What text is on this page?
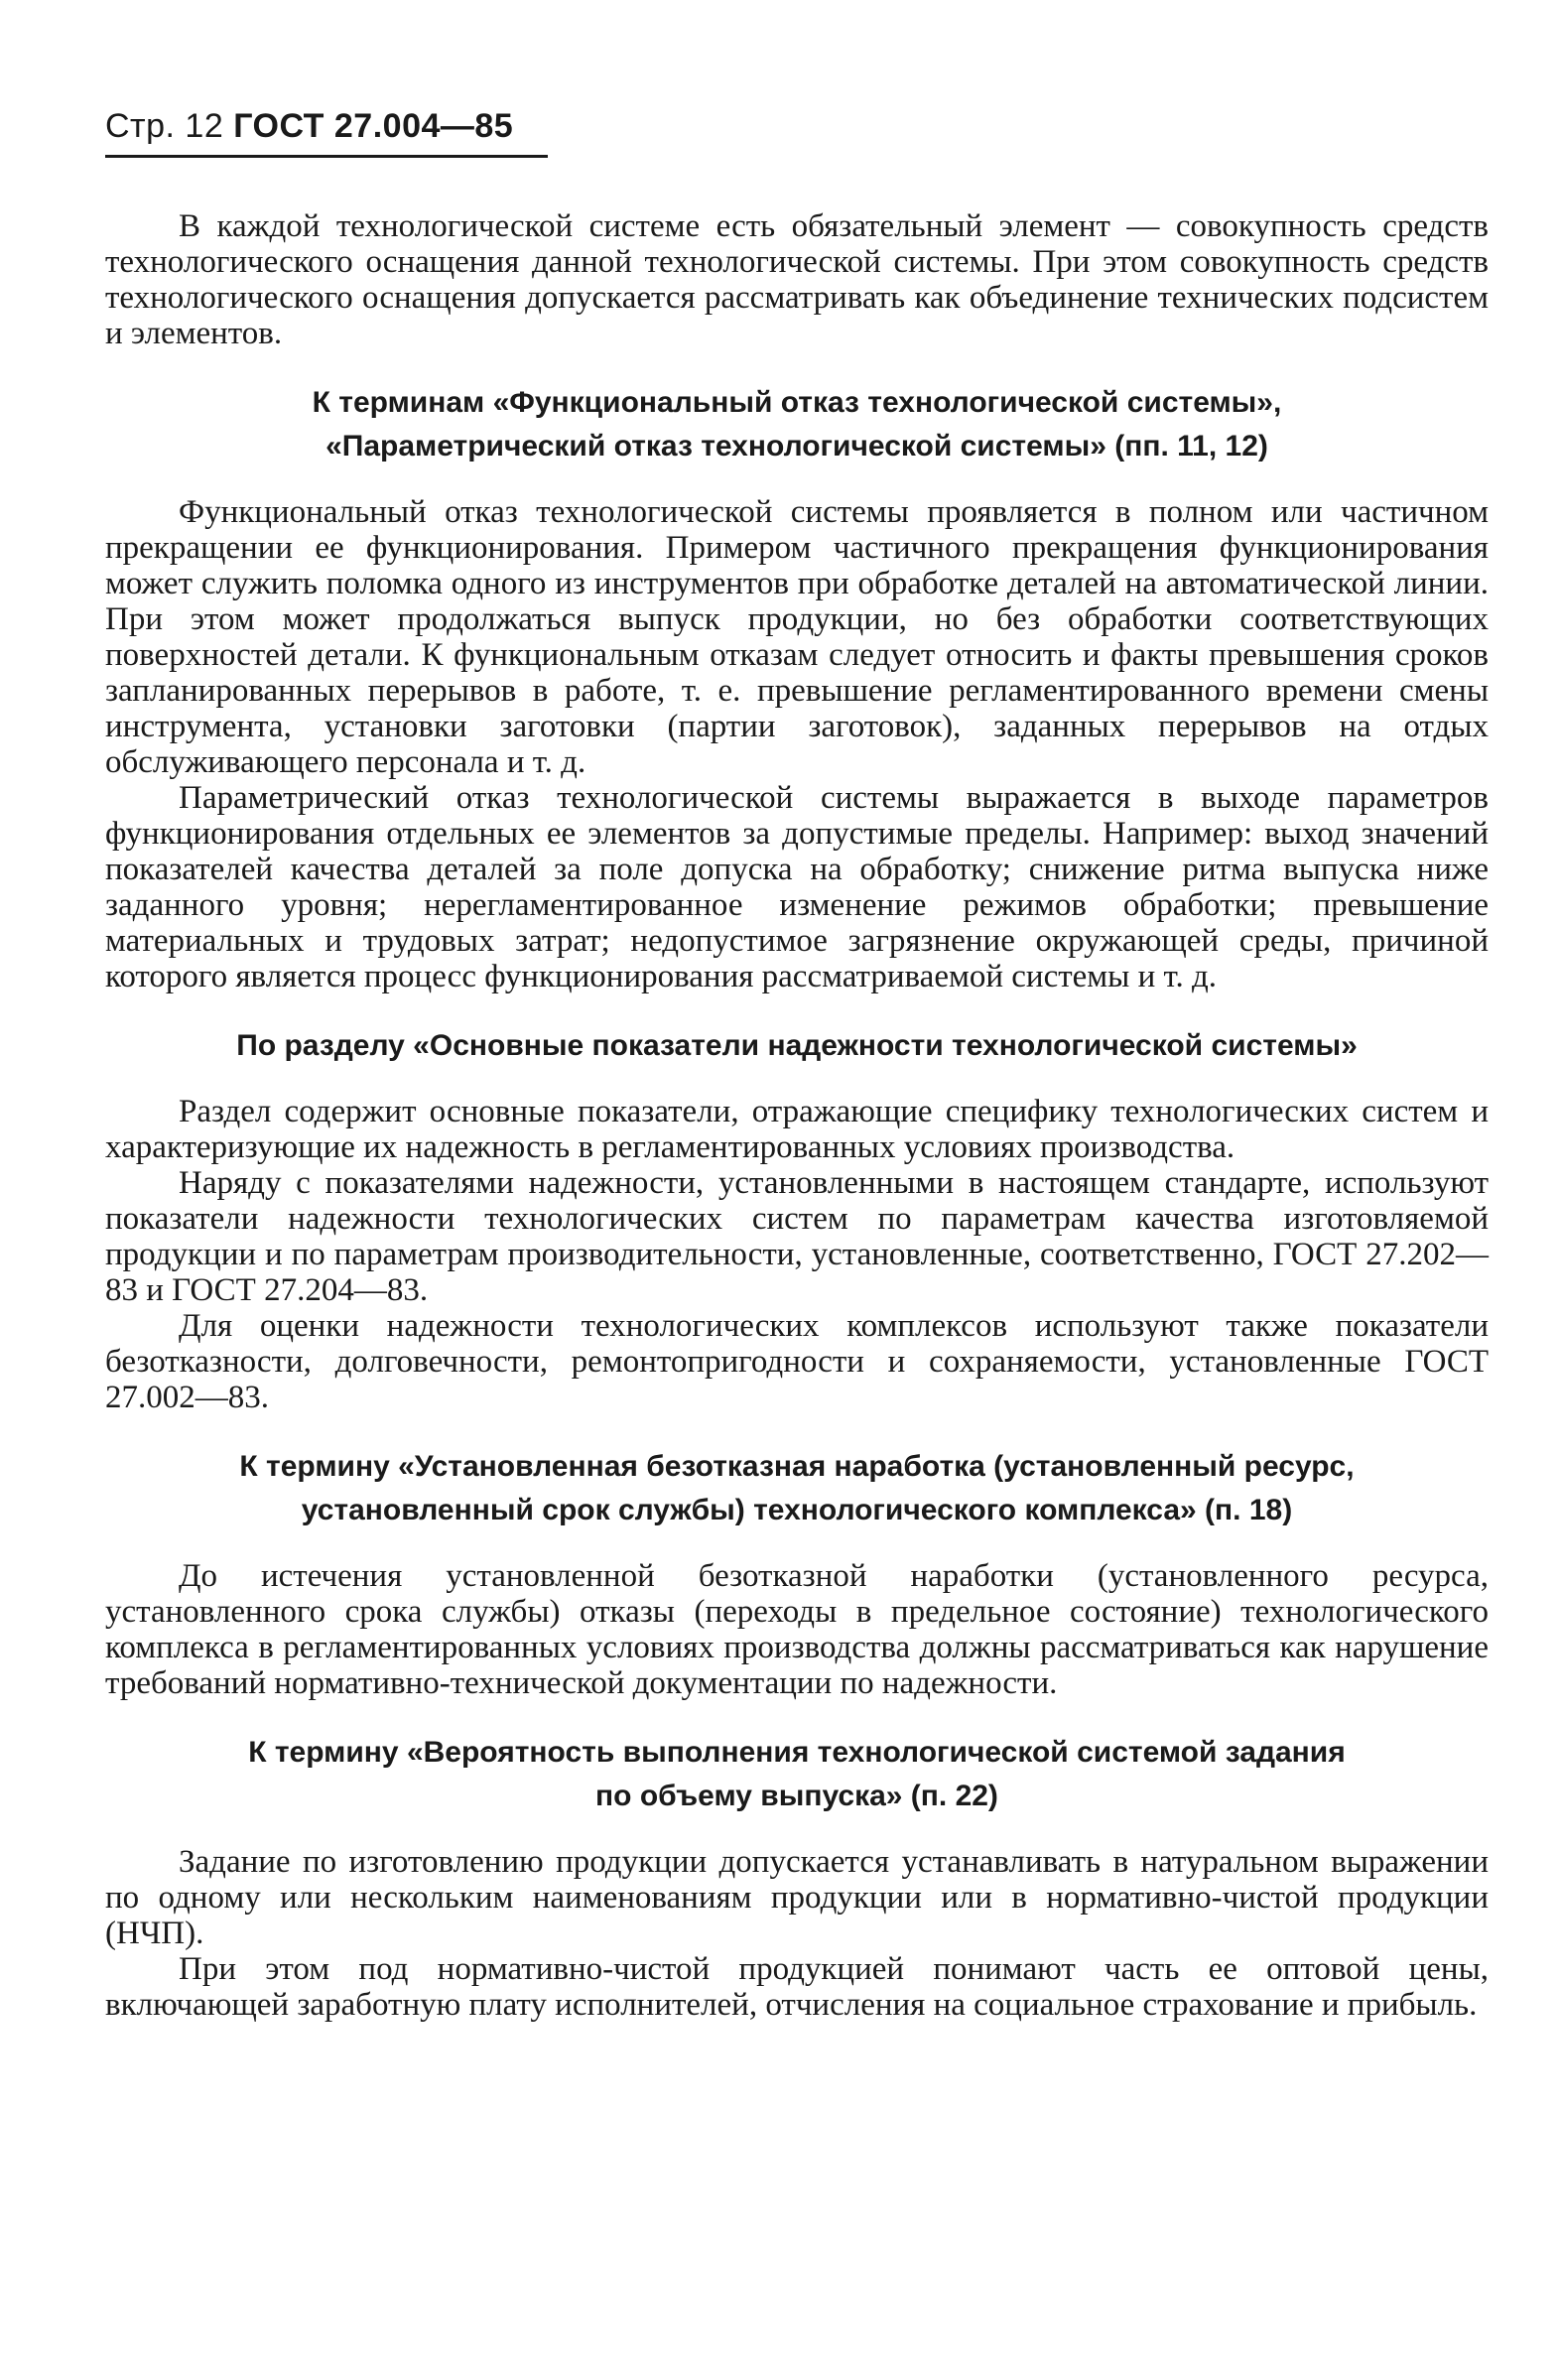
Стр. 12 ГОСТ 27.004—85

В каждой технологической системе есть обязательный элемент — совокупность средств технологического оснащения данной технологической системы. При этом совокупность средств технологического оснащения допускается рассматривать как объединение технических подсистем и элементов.

К терминам «Функциональный отказ технологической системы»,
«Параметрический отказ технологической системы» (пп. 11, 12)

Функциональный отказ технологической системы проявляется в полном или частичном прекращении ее функционирования. Примером частичного прекращения функционирования может служить поломка одного из инструментов при обработке деталей на автоматической линии. При этом может продолжаться выпуск продукции, но без обработки соответствующих поверхностей детали. К функциональным отказам следует относить и факты превышения сроков запланированных перерывов в работе, т. е. превышение регламентированного времени смены инструмента, установки заготовки (партии заготовок), заданных перерывов на отдых обслуживающего персонала и т. д.

Параметрический отказ технологической системы выражается в выходе параметров функционирования отдельных ее элементов за допустимые пределы. Например: выход значений показателей качества деталей за поле допуска на обработку; снижение ритма выпуска ниже заданного уровня; нерегламентированное изменение режимов обработки; превышение материальных и трудовых затрат; недопустимое загрязнение окружающей среды, причиной которого является процесс функционирования рассматриваемой системы и т. д.

По разделу «Основные показатели надежности технологической системы»

Раздел содержит основные показатели, отражающие специфику технологических систем и характеризующие их надежность в регламентированных условиях производства.

Наряду с показателями надежности, установленными в настоящем стандарте, используют показатели надежности технологических систем по параметрам качества изготовляемой продукции и по параметрам производительности, установленные, соответственно, ГОСТ 27.202—83 и ГОСТ 27.204—83.

Для оценки надежности технологических комплексов используют также показатели безотказности, долговечности, ремонтопригодности и сохраняемости, установленные ГОСТ 27.002—83.

К термину «Установленная безотказная наработка (установленный ресурс,
установленный срок службы) технологического комплекса» (п. 18)

До истечения установленной безотказной наработки (установленного ресурса, установленного срока службы) отказы (переходы в предельное состояние) технологического комплекса в регламентированных условиях производства должны рассматриваться как нарушение требований нормативно-технической документации по надежности.

К термину «Вероятность выполнения технологической системой задания
по объему выпуска» (п. 22)

Задание по изготовлению продукции допускается устанавливать в натуральном выражении по одному или нескольким наименованиям продукции или в нормативно-чистой продукции (НЧП).

При этом под нормативно-чистой продукцией понимают часть ее оптовой цены, включающей заработную плату исполнителей, отчисления на социальное страхование и прибыль.
